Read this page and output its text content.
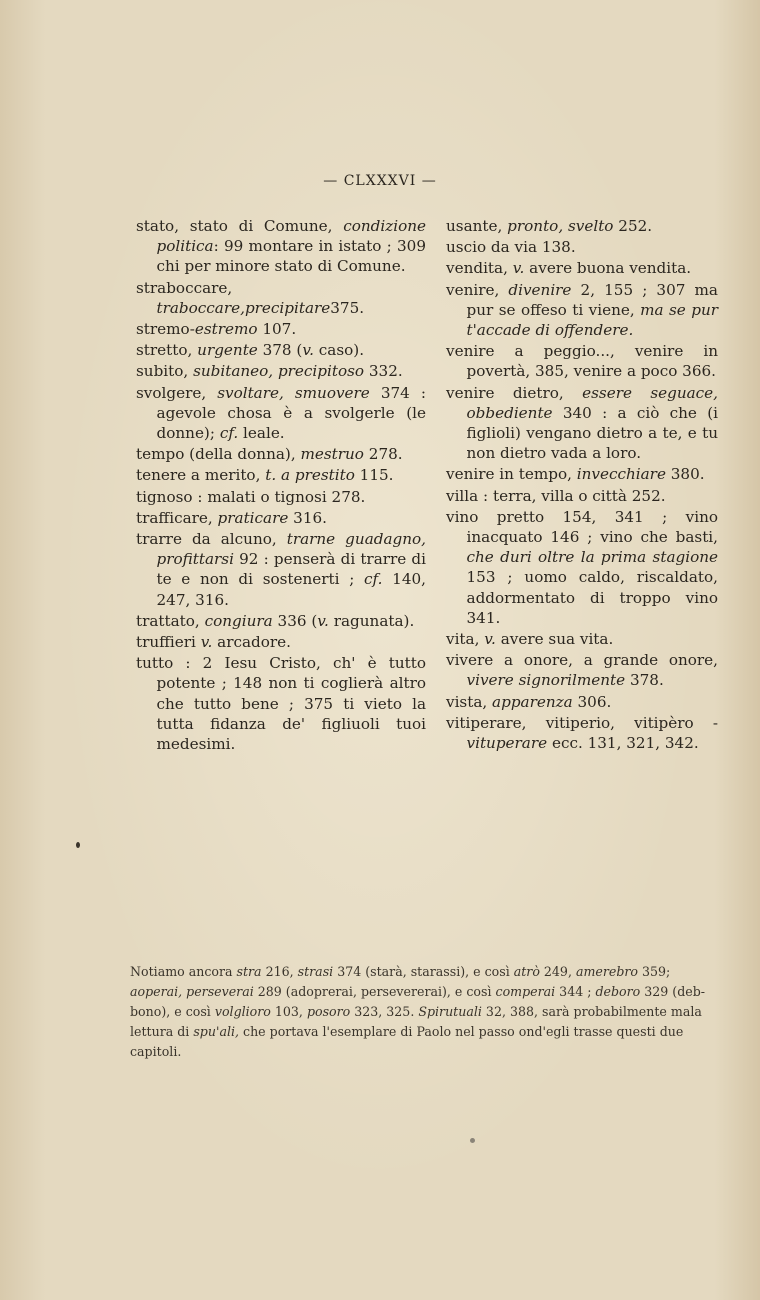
— CLXXXVI —
stato, stato di Comune, condizione politica: 99 montare in istato ; 309 chi per minore stato di Comune.
straboccare, traboccare,precipitare375.
stremo-estremo 107.
stretto, urgente 378 (v. caso).
subito, subitaneo, precipitoso 332.
svolgere, svoltare, smuovere 374 : agevole chosa è a svolgerle (le donne); cf. leale.
tempo (della donna), mestruo 278.
tenere a merito, t. a prestito 115.
tignoso : malati o tignosi 278.
trafficare, praticare 316.
trarre da alcuno, trarne guadagno, profittarsi 92 : penserà di trarre di te e non di sostenerti ; cf. 140, 247, 316.
trattato, congiura 336 (v. ragunata).
truffieri v. arcadore.
tutto : 2 Iesu Cristo, ch' è tutto potente ; 148 non ti coglierà altro che tutto bene ; 375 ti vieto la tutta fidanza de' figliuoli tuoi medesimi.
usante, pronto, svelto 252.
uscio da via 138.
vendita, v. avere buona vendita.
venire, divenire 2, 155 ; 307 ma pur se offeso ti viene, ma se pur t'accade di offendere.
venire a peggio..., venire in povertà, 385, venire a poco 366.
venire dietro, essere seguace, obbediente 340 : a ciò che (i figlioli) vengano dietro a te, e tu non dietro vada a loro.
venire in tempo, invecchiare 380.
villa : terra, villa o città 252.
vino pretto 154, 341 ; vino inacquato 146 ; vino che basti, che duri oltre la prima stagione 153 ; uomo caldo, riscaldato, addormentato di troppo vino 341.
vita, v. avere sua vita.
vivere a onore, a grande onore, vivere signorilmente 378.
vista, apparenza 306.
vitiperare, vitiperio, vitipèro -vituperare ecc. 131, 321, 342.
Notiamo ancora stra 216, strasi 374 (starà, starassi), e così atrò 249, amerebro 359;
aoperai, perseverai 289 (adoprerai, persevererai), e così comperai 344 ; deboro 329 (deb-
bono), e così volglioro 103, posoro 323, 325. Spirutuali 32, 388, sarà probabilmente mala
lettura di spu'ali, che portava l'esemplare di Paolo nel passo ond'egli trasse questi due
capitoli.
